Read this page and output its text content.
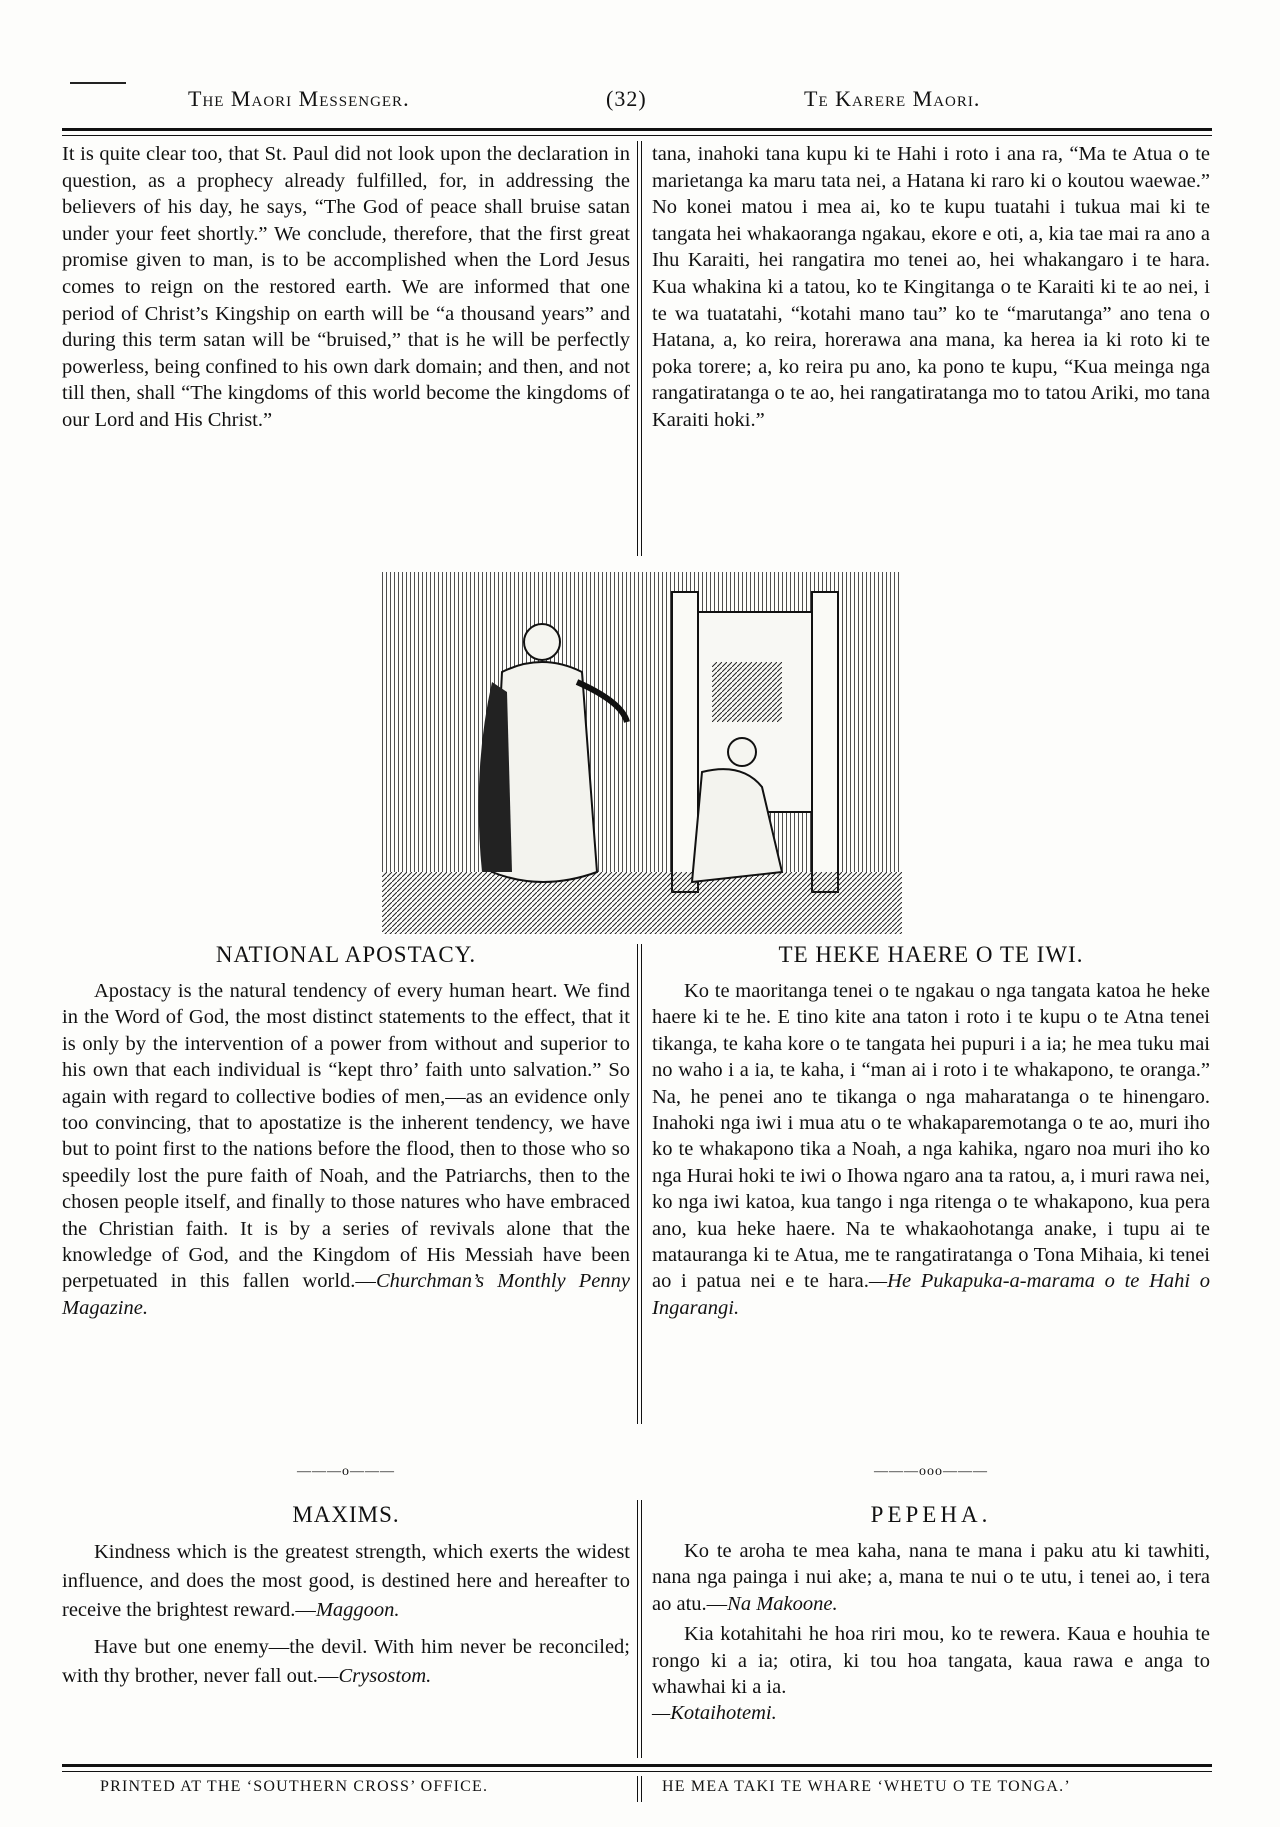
The Maori Messenger.	(32)	Te Karere Maori.
It is quite clear too, that St. Paul did not look upon the declaration in question, as a prophecy already fulfilled, for, in addressing the believers of his day, he says, “The God of peace shall bruise satan under your feet shortly.” We conclude, therefore, that the first great promise given to man, is to be accomplished when the Lord Jesus comes to reign on the restored earth. We are informed that one period of Christ’s Kingship on earth will be “a thousand years” and during this term satan will be “bruised,” that is he will be perfectly powerless, being confined to his own dark domain; and then, and not till then, shall “The kingdoms of this world become the kingdoms of our Lord and His Christ.”
tana, inahoki tana kupu ki te Hahi i roto i ana ra, “Ma te Atua o te marietanga ka maru tata nei, a Hatana ki raro ki o koutou waewae.” No konei matou i mea ai, ko te kupu tuatahi i tukua mai ki te tangata hei whakaoranga ngakau, ekore e oti, a, kia tae mai ra ano a Ihu Karaiti, hei rangatira mo tenei ao, hei whakangaro i te hara. Kua whakina ki a tatou, ko te Kingitanga o te Karaiti ki te ao nei, i te wa tuatatahi, “kotahi mano tau” ko te “marutanga” ano tena o Hatana, a, ko reira, horerawa ana mana, ka herea ia ki roto ki te poka torere; a, ko reira pu ano, ka pono te kupu, “Kua meinga nga rangatiratanga o te ao, hei rangatiratanga mo to tatou Ariki, mo tana Karaiti hoki.”
NATIONAL APOSTACY.
Apostacy is the natural tendency of every human heart. We find in the Word of God, the most distinct statements to the effect, that it is only by the intervention of a power from without and superior to his own that each individual is “kept thro’ faith unto salvation.” So again with regard to collective bodies of men,—as an evidence only too convincing, that to apostatize is the inherent tendency, we have but to point first to the nations before the flood, then to those who so speedily lost the pure faith of Noah, and the Patriarchs, then to the chosen people itself, and finally to those natures who have embraced the Christian faith. It is by a series of revivals alone that the knowledge of God, and the Kingdom of His Messiah have been perpetuated in this fallen world.—Churchman’s Monthly Penny Magazine.
TE HEKE HAERE O TE IWI.
Ko te maoritanga tenei o te ngakau o nga tangata katoa he heke haere ki te he. E tino kite ana taton i roto i te kupu o te Atna tenei tikanga, te kaha kore o te tangata hei pupuri i a ia; he mea tuku mai no waho i a ia, te kaha, i “man ai i roto i te whakapono, te oranga.” Na, he penei ano te tikanga o nga maharatanga o te hinengaro. Inahoki nga iwi i mua atu o te whakaparemotanga o te ao, muri iho ko te whakapono tika a Noah, a nga kahika, ngaro noa muri iho ko nga Hurai hoki te iwi o Ihowa ngaro ana ta ratou, a, i muri rawa nei, ko nga iwi katoa, kua tango i nga ritenga o te whakapono, kua pera ano, kua heke haere. Na te whakaohotanga anake, i tupu ai te matauranga ki te Atua, me te rangatiratanga o Tona Mihaia, ki tenei ao i patua nei e te hara.—He Pukapuka-a-marama o te Hahi o Ingarangi.
———o———	———ooo———
MAXIMS.
Kindness which is the greatest strength, which exerts the widest influence, and does the most good, is destined here and hereafter to receive the brightest reward.—Maggoon.
Have but one enemy—the devil. With him never be reconciled; with thy brother, never fall out.—Crysostom.
PEPEHA.
Ko te aroha te mea kaha, nana te mana i paku atu ki tawhiti, nana nga painga i nui ake; a, mana te nui o te utu, i tenei ao, i tera ao atu.—Na Makoone.
Kia kotahitahi he hoa riri mou, ko te rewera. Kaua e houhia te rongo ki a ia; otira, ki tou hoa tangata, kaua rawa e anga to whawhai ki a ia.
—Kotaihotemi.
PRINTED AT THE ‘SOUTHERN CROSS’ OFFICE.	HE MEA TAKI TE WHARE ‘WHETU O TE TONGA.’
